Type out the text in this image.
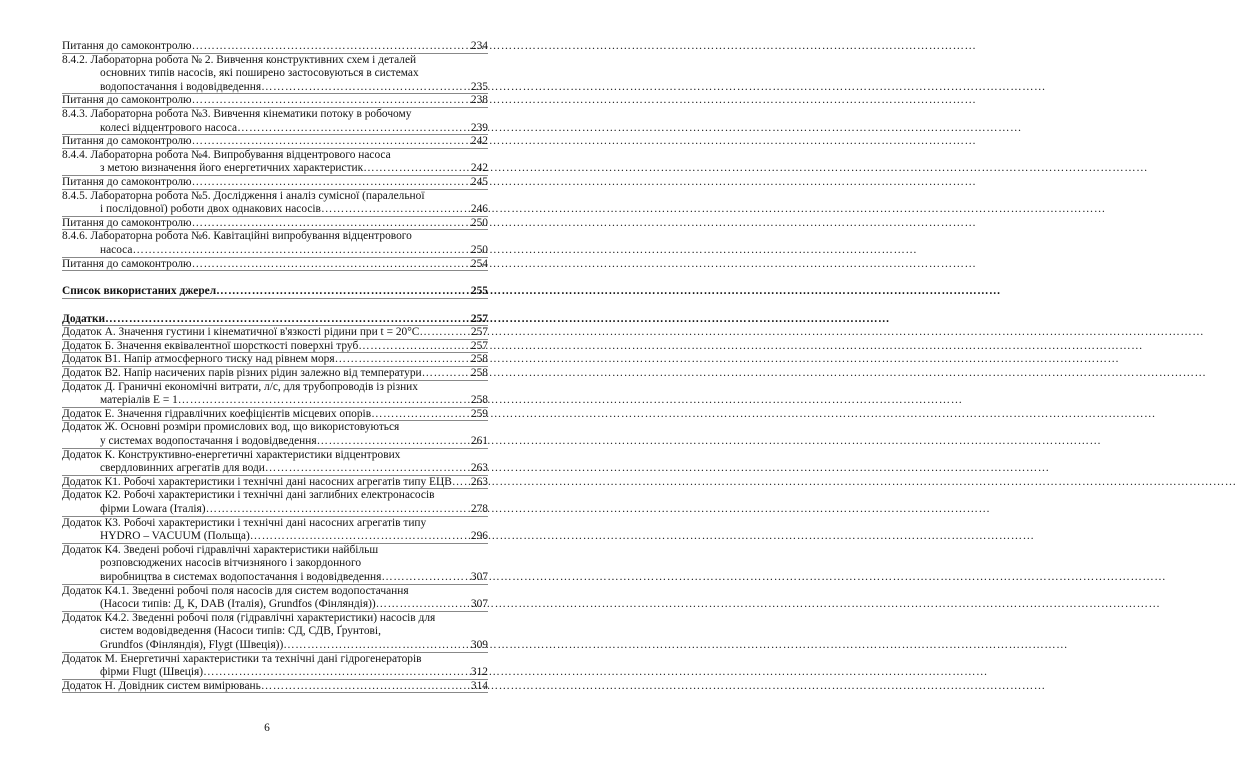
Питання до самоконтролю ………………………………………………………………………………………………………………………………………………………………………………	234
8.4.2. Лабораторна робота № 2. Вивчення конструктивних схем і деталей
основних типів насосів, які поширено застосовуються в системах
водопостачання і водовідведення ………………………………………………………………………………………………………………………………………………………………………………	235
Питання до самоконтролю ………………………………………………………………………………………………………………………………………………………………………………	238
8.4.3. Лабораторна робота №3. Вивчення кінематики потоку в робочому
колесі відцентрового насоса ………………………………………………………………………………………………………………………………………………………………………………	239
Питання до самоконтролю ………………………………………………………………………………………………………………………………………………………………………………	242
8.4.4. Лабораторна робота №4. Випробування відцентрового насоса
з метою визначення його енергетичних характеристик ………………………………………………………………………………………………………………………………………………………………………………	242
Питання до самоконтролю ………………………………………………………………………………………………………………………………………………………………………………	245
8.4.5. Лабораторна робота №5. Дослідження і аналіз сумісної (паралельної
і послідовної) роботи двох однакових насосів ………………………………………………………………………………………………………………………………………………………………………………	246
Питання до самоконтролю ………………………………………………………………………………………………………………………………………………………………………………	250
8.4.6. Лабораторна робота №6. Кавітаційні випробування відцентрового
насоса ………………………………………………………………………………………………………………………………………………………………………………	250
Питання до самоконтролю ………………………………………………………………………………………………………………………………………………………………………………	254
Список використаних джерел ………………………………………………………………………………………………………………………………………………………………………………	255
Додатки ………………………………………………………………………………………………………………………………………………………………………………	257
Додаток А. Значення густини і кінематичної в'язкості рідини при t = 20°C ………………………………………………………………………………………………………………………………………………………………………………	257
Додаток Б. Значення еквівалентної шорсткості поверхні труб ………………………………………………………………………………………………………………………………………………………………………………	257
Додаток В1. Напір атмосферного тиску над рівнем моря ………………………………………………………………………………………………………………………………………………………………………………	258
Додаток В2. Напір насичених парів різних рідин залежно від температури ………………………………………………………………………………………………………………………………………………………………………………	258
Додаток Д. Граничні економічні витрати, л/с, для трубопроводів із різних
матеріалів Е = 1 ………………………………………………………………………………………………………………………………………………………………………………	258
Додаток Е. Значення гідравлічних коефіцієнтів місцевих опорів ………………………………………………………………………………………………………………………………………………………………………………	259
Додаток Ж. Основні розміри промислових вод, що використовуються
у системах водопостачання і водовідведення ………………………………………………………………………………………………………………………………………………………………………………	261
Додаток К. Конструктивно-енергетичні характеристики відцентрових
свердловинних агрегатів для води ………………………………………………………………………………………………………………………………………………………………………………	263
Додаток К1. Робочі характеристики і технічні дані насосних агрегатів типу ЕЦВ ………………………………………………………………………………………………………………………………………………………………………………	263
Додаток К2. Робочі характеристики і технічні дані заглибних електронасосів
фірми Lowara (Італія) ………………………………………………………………………………………………………………………………………………………………………………	278
Додаток К3. Робочі характеристики і технічні дані насосних агрегатів типу
HYDRO – VACUUM (Польща) ………………………………………………………………………………………………………………………………………………………………………………	296
Додаток К4. Зведені робочі гідравлічні характеристики найбільш
розповсюджених насосів вітчизняного і закордонного
виробництва в системах водопостачання і водовідведення ………………………………………………………………………………………………………………………………………………………………………………	307
Додаток К4.1. Зведенні робочі поля насосів для систем водопостачання
(Насоси типів: Д, К, DAB (Італія), Grundfos (Фінляндія)) ………………………………………………………………………………………………………………………………………………………………………………	307
Додаток К4.2. Зведенні робочі поля (гідравлічні характеристики) насосів для
систем водовідведення (Насоси типів: СД, СДВ, Ґрунтові,
Grundfos (Фінляндія), Flygt (Швеція)) ………………………………………………………………………………………………………………………………………………………………………………	309
Додаток М. Енергетичні характеристики та технічні дані гідрогенераторів
фірми Flugt (Швеція) ………………………………………………………………………………………………………………………………………………………………………………	312
Додаток Н. Довідник систем вимірювань ………………………………………………………………………………………………………………………………………………………………………………	314
6
